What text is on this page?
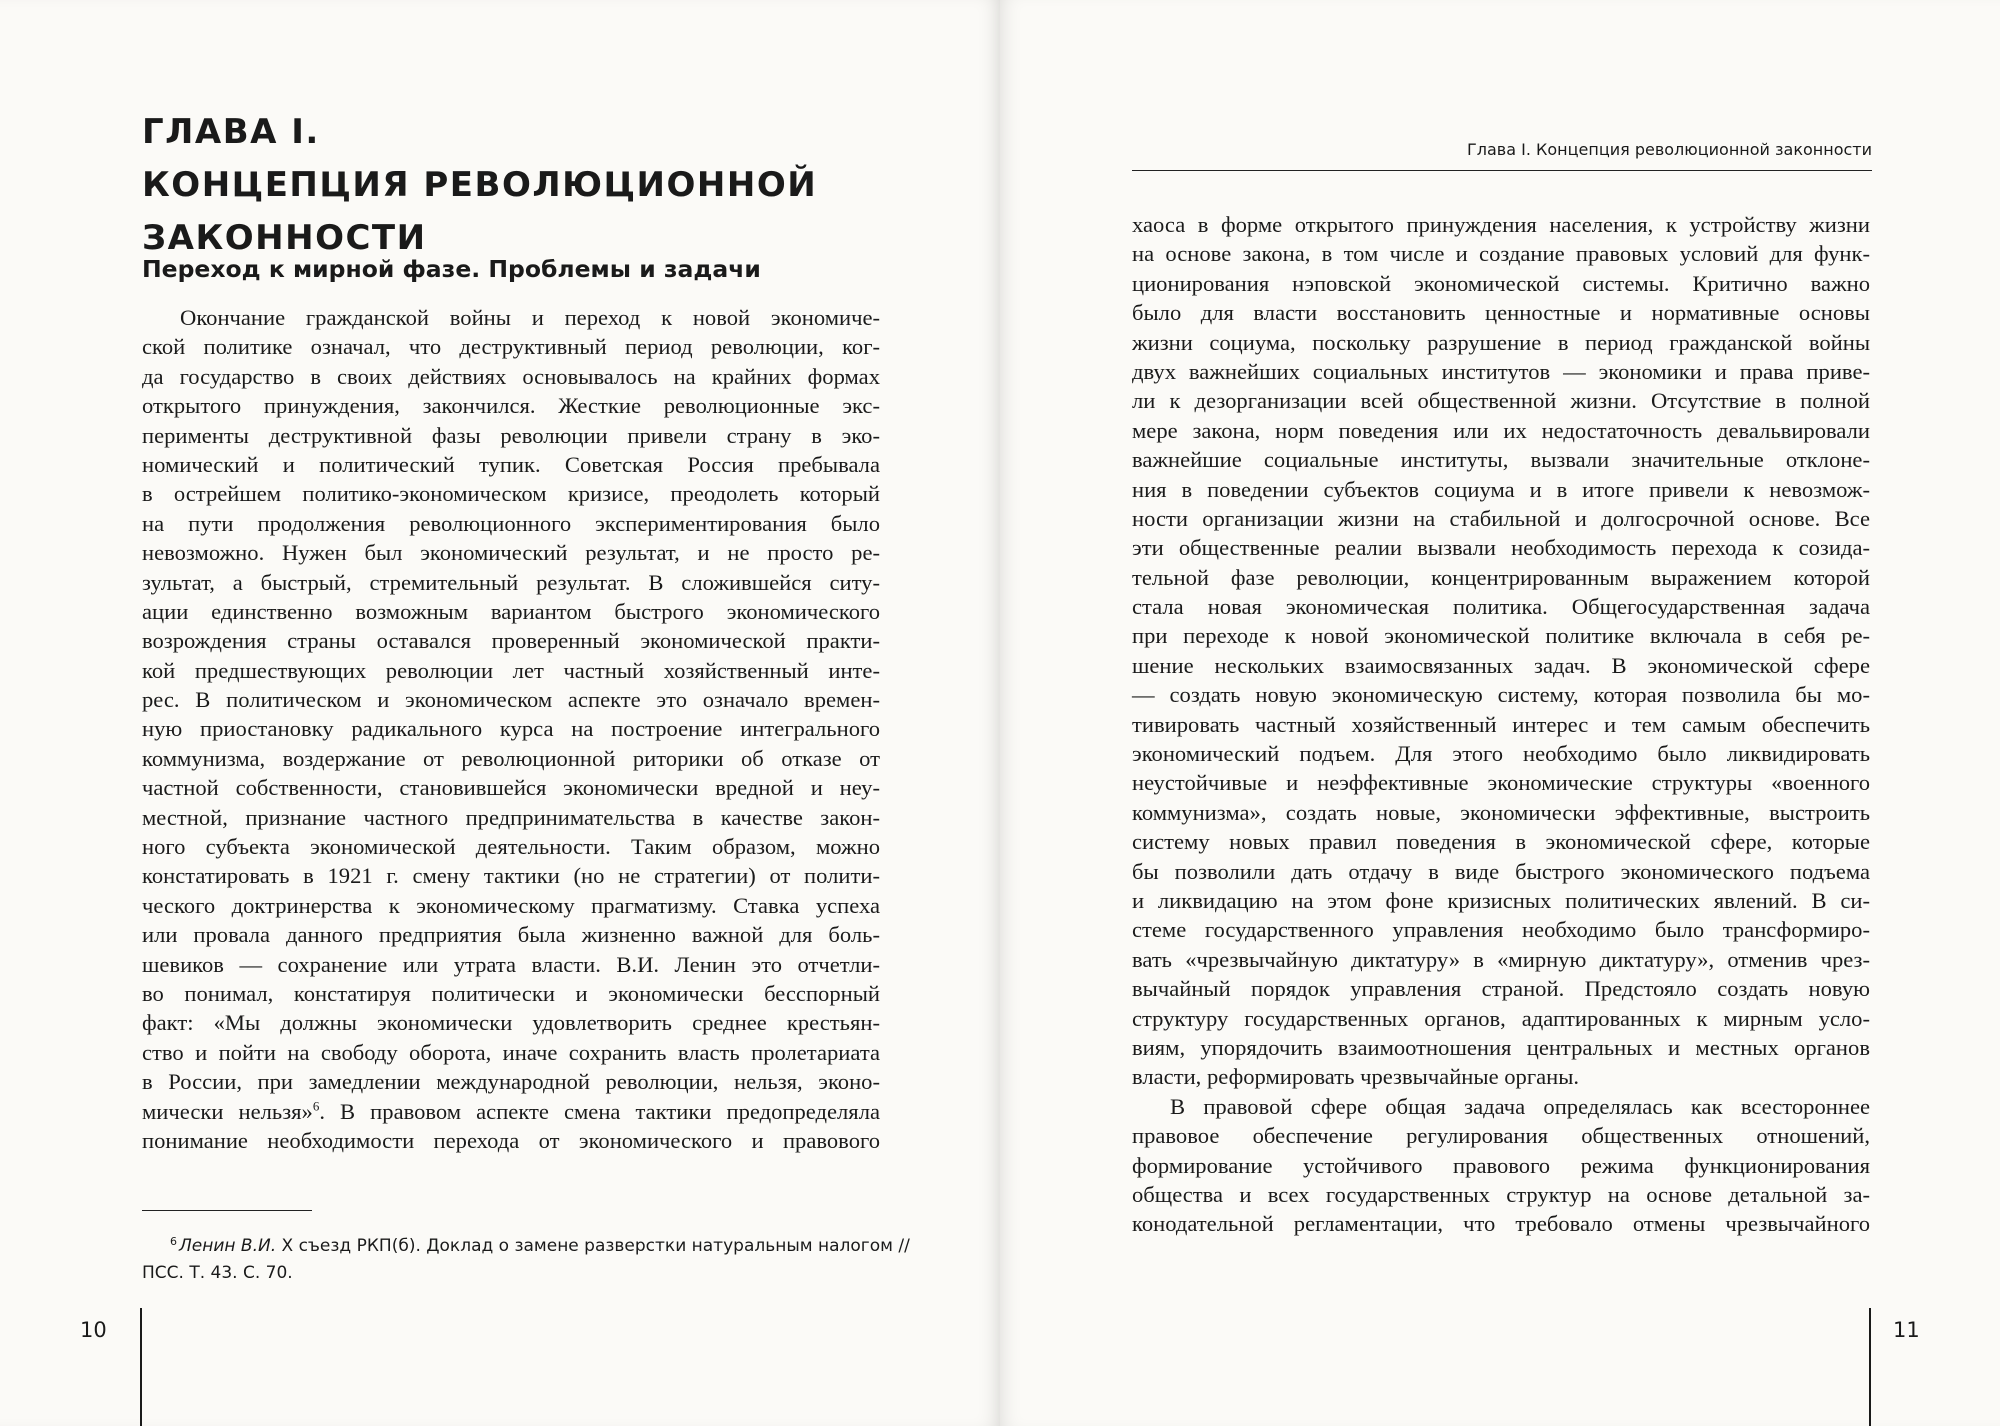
ГЛАВА I.
КОНЦЕПЦИЯ РЕВОЛЮЦИОННОЙ
ЗАКОННОСТИ
Переход к мирной фазе. Проблемы и задачи
Окончание гражданской войны и переход к новой экономиче-
ской политике означал, что деструктивный период революции, ког-
да государство в своих действиях основывалось на крайних формах
открытого принуждения, закончился. Жесткие революционные экс-
перименты деструктивной фазы революции привели страну в эко-
номический и политический тупик. Советская Россия пребывала
в острейшем политико-экономическом кризисе, преодолеть который
на пути продолжения революционного экспериментирования было
невозможно. Нужен был экономический результат, и не просто ре-
зультат, а быстрый, стремительный результат. В сложившейся ситу-
ации единственно возможным вариантом быстрого экономического
возрождения страны оставался проверенный экономической практи-
кой предшествующих революции лет частный хозяйственный инте-
рес. В политическом и экономическом аспекте это означало времен-
ную приостановку радикального курса на построение интегрального
коммунизма, воздержание от революционной риторики об отказе от
частной собственности, становившейся экономически вредной и неу-
местной, признание частного предпринимательства в качестве закон-
ного субъекта экономической деятельности. Таким образом, можно
констатировать в 1921 г. смену тактики (но не стратегии) от полити-
ческого доктринерства к экономическому прагматизму. Ставка успеха
или провала данного предприятия была жизненно важной для боль-
шевиков — сохранение или утрата власти. В.И. Ленин это отчетли-
во понимал, констатируя политически и экономически бесспорный
факт: «Мы должны экономически удовлетворить среднее крестьян-
ство и пойти на свободу оборота, иначе сохранить власть пролетариата
в России, при замедлении международной революции, нельзя, эконо-
мически нельзя»$^6$. В правовом аспекте смена тактики предопределяла
понимание необходимости перехода от экономического и правового
$^6$ Ленин В.И. X съезд РКП(б). Доклад о замене разверстки натуральным налогом //
ПСС. Т. 43. С. 70.
10
Глава I. Концепция революционной законности
хаоса в форме открытого принуждения населения, к устройству жизни
на основе закона, в том числе и создание правовых условий для функ-
ционирования нэповской экономической системы. Критично важно
было для власти восстановить ценностные и нормативные основы
жизни социума, поскольку разрушение в период гражданской войны
двух важнейших социальных институтов — экономики и права приве-
ли к дезорганизации всей общественной жизни. Отсутствие в полной
мере закона, норм поведения или их недостаточность девальвировали
важнейшие социальные институты, вызвали значительные отклоне-
ния в поведении субъектов социума и в итоге привели к невозмож-
ности организации жизни на стабильной и долгосрочной основе. Все
эти общественные реалии вызвали необходимость перехода к созида-
тельной фазе революции, концентрированным выражением которой
стала новая экономическая политика. Общегосударственная задача
при переходе к новой экономической политике включала в себя ре-
шение нескольких взаимосвязанных задач. В экономической сфере
— создать новую экономическую систему, которая позволила бы мо-
тивировать частный хозяйственный интерес и тем самым обеспечить
экономический подъем. Для этого необходимо было ликвидировать
неустойчивые и неэффективные экономические структуры «военного
коммунизма», создать новые, экономически эффективные, выстроить
систему новых правил поведения в экономической сфере, которые
бы позволили дать отдачу в виде быстрого экономического подъема
и ликвидацию на этом фоне кризисных политических явлений. В си-
стеме государственного управления необходимо было трансформиро-
вать «чрезвычайную диктатуру» в «мирную диктатуру», отменив чрез-
вычайный порядок управления страной. Предстояло создать новую
структуру государственных органов, адаптированных к мирным усло-
виям, упорядочить взаимоотношения центральных и местных органов
власти, реформировать чрезвычайные органы.
В правовой сфере общая задача определялась как всестороннее
правовое обеспечение регулирования общественных отношений,
формирование устойчивого правового режима функционирования
общества и всех государственных структур на основе детальной за-
конодательной регламентации, что требовало отмены чрезвычайного
11
